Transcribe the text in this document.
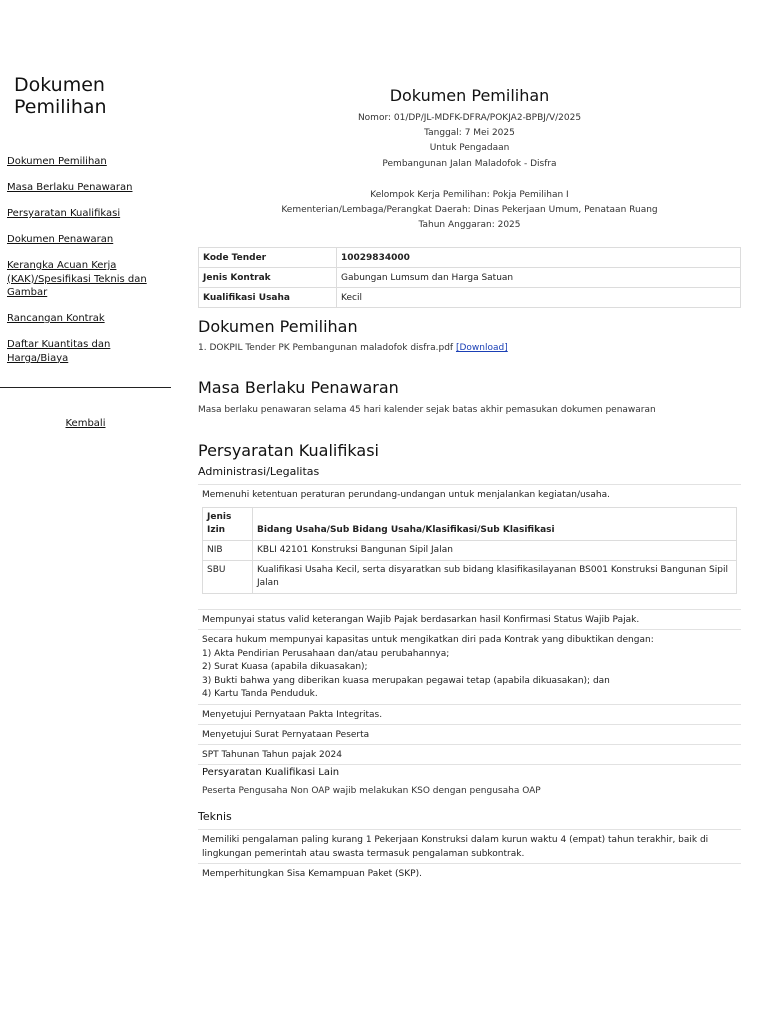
Dokumen Pemilihan
Dokumen Pemilihan
Masa Berlaku Penawaran
Persyaratan Kualifikasi
Dokumen Penawaran
Kerangka Acuan Kerja (KAK)/Spesifikasi Teknis dan Gambar
Rancangan Kontrak
Daftar Kuantitas dan Harga/Biaya
Kembali
Dokumen Pemilihan
Nomor: 01/DP/JL-MDFK-DFRA/POKJA2-BPBJ/V/2025
Tanggal: 7 Mei 2025
Untuk Pengadaan
Pembangunan Jalan Maladofok - Disfra
Kelompok Kerja Pemilihan: Pokja Pemilihan I
Kementerian/Lembaga/Perangkat Daerah: Dinas Pekerjaan Umum, Penataan Ruang
Tahun Anggaran: 2025
Kode Tender	10029834000
Jenis Kontrak	Gabungan Lumsum dan Harga Satuan
Kualifikasi Usaha	Kecil
Dokumen Pemilihan
1. DOKPIL Tender PK Pembangunan maladofok disfra.pdf [Download]
Masa Berlaku Penawaran
Masa berlaku penawaran selama 45 hari kalender sejak batas akhir pemasukan dokumen penawaran
Persyaratan Kualifikasi
Administrasi/Legalitas
Memenuhi ketentuan peraturan perundang-undangan untuk menjalankan kegiatan/usaha.
Jenis Izin	Bidang Usaha/Sub Bidang Usaha/Klasifikasi/Sub Klasifikasi
NIB	KBLI 42101 Konstruksi Bangunan Sipil Jalan
SBU	Kualifikasi Usaha Kecil, serta disyaratkan sub bidang klasifikasilayanan BS001 Konstruksi Bangunan Sipil Jalan
Mempunyai status valid keterangan Wajib Pajak berdasarkan hasil Konfirmasi Status Wajib Pajak.
Secara hukum mempunyai kapasitas untuk mengikatkan diri pada Kontrak yang dibuktikan dengan:
1) Akta Pendirian Perusahaan dan/atau perubahannya;
2) Surat Kuasa (apabila dikuasakan);
3) Bukti bahwa yang diberikan kuasa merupakan pegawai tetap (apabila dikuasakan); dan
4) Kartu Tanda Penduduk.
Menyetujui Pernyataan Pakta Integritas.
Menyetujui Surat Pernyataan Peserta
SPT Tahunan Tahun pajak 2024
Persyaratan Kualifikasi Lain
Peserta Pengusaha Non OAP wajib melakukan KSO dengan pengusaha OAP
Teknis
Memiliki pengalaman paling kurang 1 Pekerjaan Konstruksi dalam kurun waktu 4 (empat) tahun terakhir, baik di lingkungan pemerintah atau swasta termasuk pengalaman subkontrak.
Memperhitungkan Sisa Kemampuan Paket (SKP).
